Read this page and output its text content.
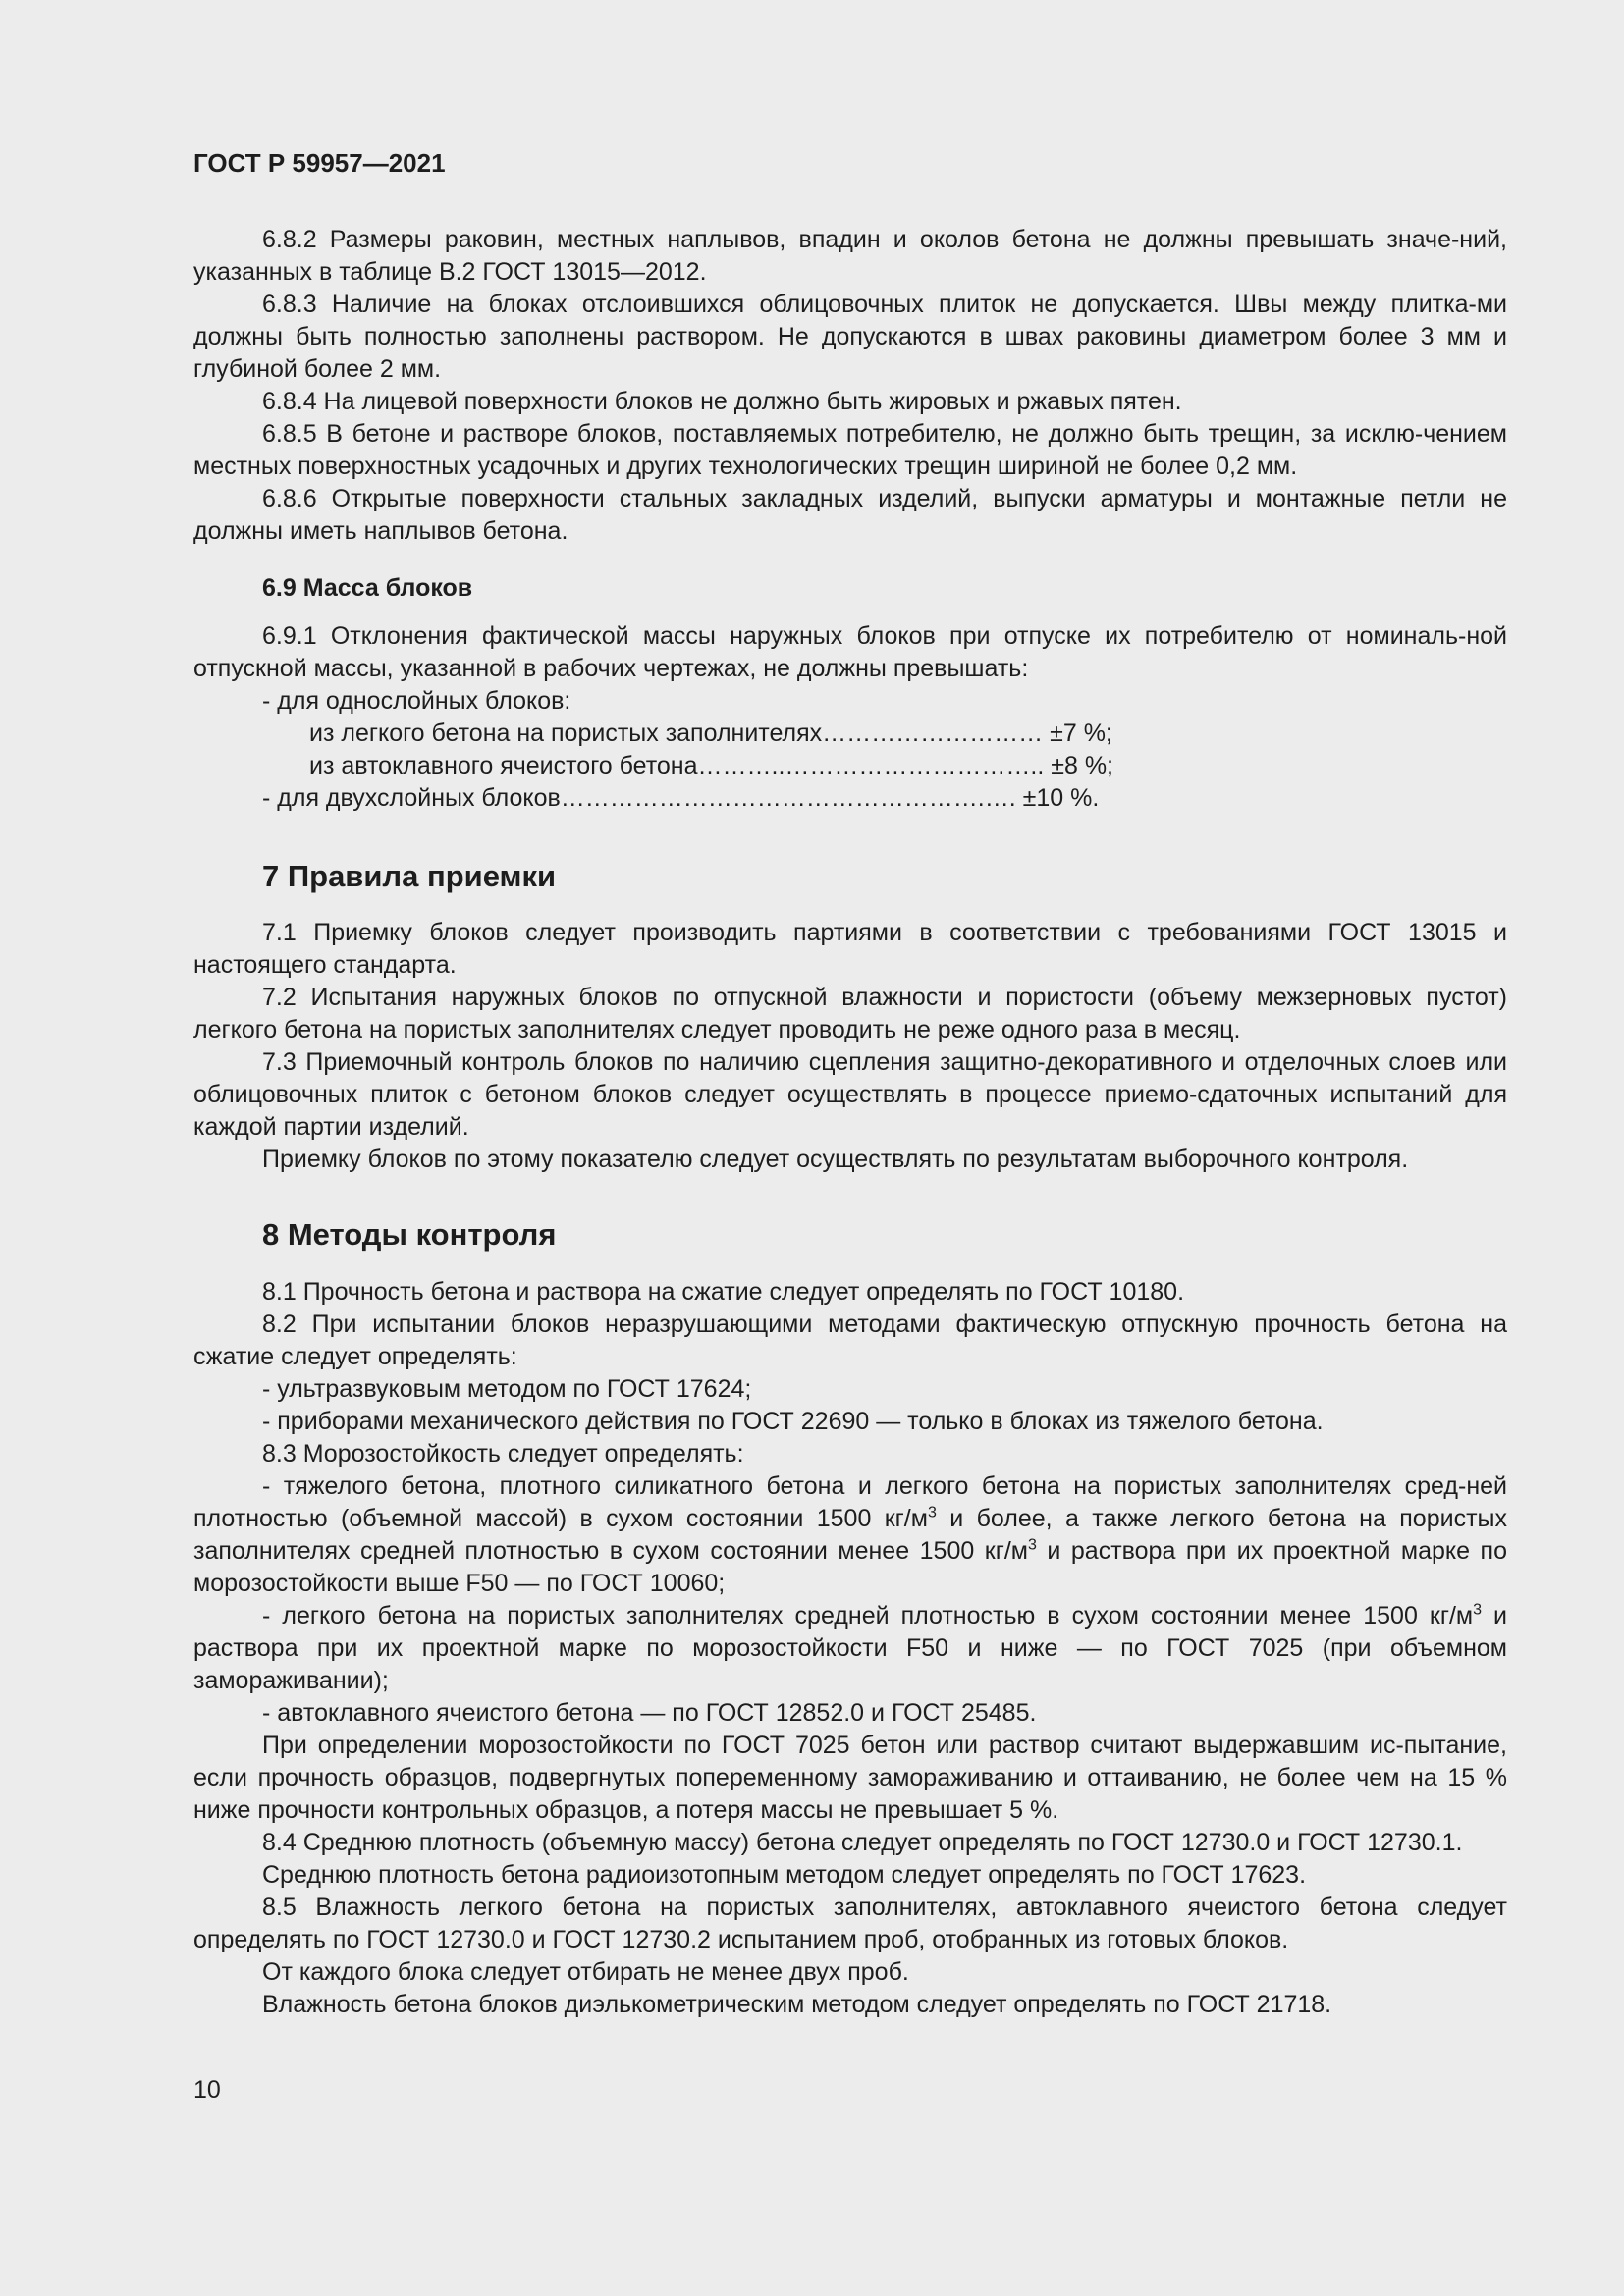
ГОСТ Р 59957—2021
6.8.2 Размеры раковин, местных наплывов, впадин и околов бетона не должны превышать значе-ний, указанных в таблице В.2 ГОСТ 13015—2012.
6.8.3 Наличие на блоках отслоившихся облицовочных плиток не допускается. Швы между плитка-ми должны быть полностью заполнены раствором. Не допускаются в швах раковины диаметром более 3 мм и глубиной более 2 мм.
6.8.4 На лицевой поверхности блоков не должно быть жировых и ржавых пятен.
6.8.5 В бетоне и растворе блоков, поставляемых потребителю, не должно быть трещин, за исклю-чением местных поверхностных усадочных и других технологических трещин шириной не более 0,2 мм.
6.8.6 Открытые поверхности стальных закладных изделий, выпуски арматуры и монтажные петли не должны иметь наплывов бетона.
6.9 Масса блоков
6.9.1 Отклонения фактической массы наружных блоков при отпуске их потребителю от номиналь-ной отпускной массы, указанной в рабочих чертежах, не должны превышать:
- для однослойных блоков:
из легкого бетона на пористых заполнителях……………………… ±7 %;
из автоклавного ячеистого бетона………..………………………….. ±8 %;
- для двухслойных блоков…………………………………………….…. ±10 %.
7 Правила приемки
7.1 Приемку блоков следует производить партиями в соответствии с требованиями ГОСТ 13015 и настоящего стандарта.
7.2 Испытания наружных блоков по отпускной влажности и пористости (объему межзерновых пустот) легкого бетона на пористых заполнителях следует проводить не реже одного раза в месяц.
7.3 Приемочный контроль блоков по наличию сцепления защитно-декоративного и отделочных слоев или облицовочных плиток с бетоном блоков следует осуществлять в процессе приемо-сдаточных испытаний для каждой партии изделий.
Приемку блоков по этому показателю следует осуществлять по результатам выборочного контроля.
8 Методы контроля
8.1 Прочность бетона и раствора на сжатие следует определять по ГОСТ 10180.
8.2 При испытании блоков неразрушающими методами фактическую отпускную прочность бетона на сжатие следует определять:
- ультразвуковым методом по ГОСТ 17624;
- приборами механического действия по ГОСТ 22690 — только в блоках из тяжелого бетона.
8.3 Морозостойкость следует определять:
- тяжелого бетона, плотного силикатного бетона и легкого бетона на пористых заполнителях сред-ней плотностью (объемной массой) в сухом состоянии 1500 $кг/м^3$ и более, а также легкого бетона на пористых заполнителях средней плотностью в сухом состоянии менее 1500 $кг/м^3$ и раствора при их проектной марке по морозостойкости выше F50 — по ГОСТ 10060;
- легкого бетона на пористых заполнителях средней плотностью в сухом состоянии менее 1500 $кг/м^3$ и раствора при их проектной марке по морозостойкости F50 и ниже — по ГОСТ 7025 (при объемном замораживании);
- автоклавного ячеистого бетона — по ГОСТ 12852.0 и ГОСТ 25485.
При определении морозостойкости по ГОСТ 7025 бетон или раствор считают выдержавшим ис-пытание, если прочность образцов, подвергнутых попеременному замораживанию и оттаиванию, не более чем на 15 % ниже прочности контрольных образцов, а потеря массы не превышает 5 %.
8.4 Среднюю плотность (объемную массу) бетона следует определять по ГОСТ 12730.0 и ГОСТ 12730.1.
Среднюю плотность бетона радиоизотопным методом следует определять по ГОСТ 17623.
8.5 Влажность легкого бетона на пористых заполнителях, автоклавного ячеистого бетона следует определять по ГОСТ 12730.0 и ГОСТ 12730.2 испытанием проб, отобранных из готовых блоков.
От каждого блока следует отбирать не менее двух проб.
Влажность бетона блоков диэлькометрическим методом следует определять по ГОСТ 21718.
10
